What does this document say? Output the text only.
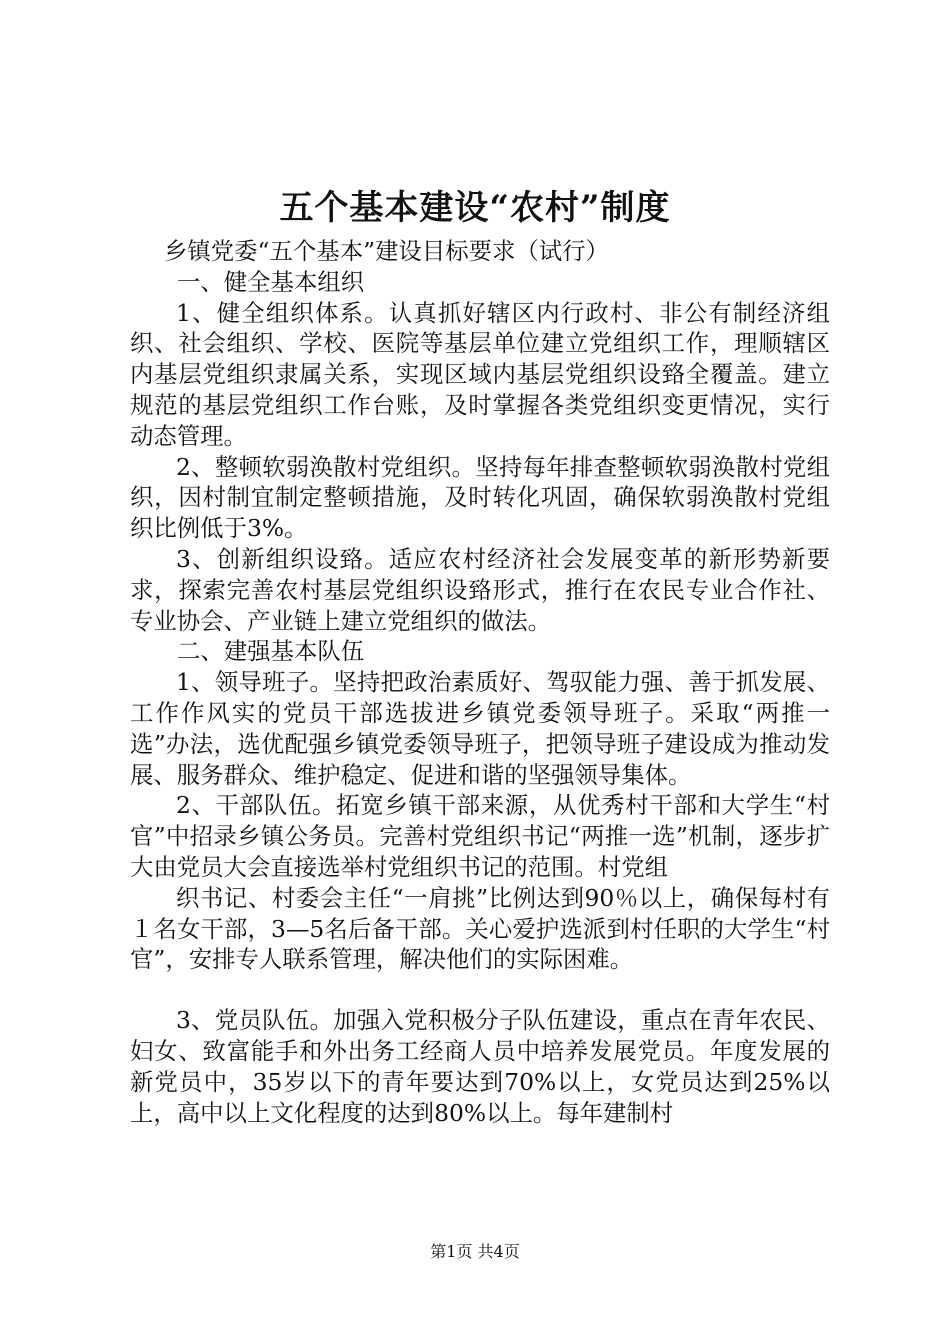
五个基本建设“农村”制度

乡镇党委“五个基本”建设目标要求（试行）

一、健全基本组织

1、健全组织体系。认真抓好辖区内行政村、非公有制经济组织、社会组织、学校、医院等基层单位建立党组织工作，理顺辖区内基层党组织隶属关系，实现区域内基层党组织设臵全覆盖。建立规范的基层党组织工作台账，及时掌握各类党组织变更情况，实行动态管理。

2、整顿软弱涣散村党组织。坚持每年排查整顿软弱涣散村党组织，因村制宜制定整顿措施，及时转化巩固，确保软弱涣散村党组织比例低于3%。

3、创新组织设臵。适应农村经济社会发展变革的新形势新要求，探索完善农村基层党组织设臵形式，推行在农民专业合作社、专业协会、产业链上建立党组织的做法。

二、建强基本队伍

1、领导班子。坚持把政治素质好、驾驭能力强、善于抓发展、工作作风实的党员干部选拔进乡镇党委领导班子。采取“两推一选”办法，选优配强乡镇党委领导班子，把领导班子建设成为推动发展、服务群众、维护稳定、促进和谐的坚强领导集体。

2、干部队伍。拓宽乡镇干部来源，从优秀村干部和大学生“村官”中招录乡镇公务员。完善村党组织书记“两推一选”机制，逐步扩大由党员大会直接选举村党组织书记的范围。村党组

织书记、村委会主任“一肩挑”比例达到90％以上，确保每村有１名女干部，3—5名后备干部。关心爱护选派到村任职的大学生“村官”，安排专人联系管理，解决他们的实际困难。

3、党员队伍。加强入党积极分子队伍建设，重点在青年农民、妇女、致富能手和外出务工经商人员中培养发展党员。年度发展的新党员中，35岁以下的青年要达到70%以上，女党员达到25%以上，高中以上文化程度的达到80%以上。每年建制村

第1页 共4页
